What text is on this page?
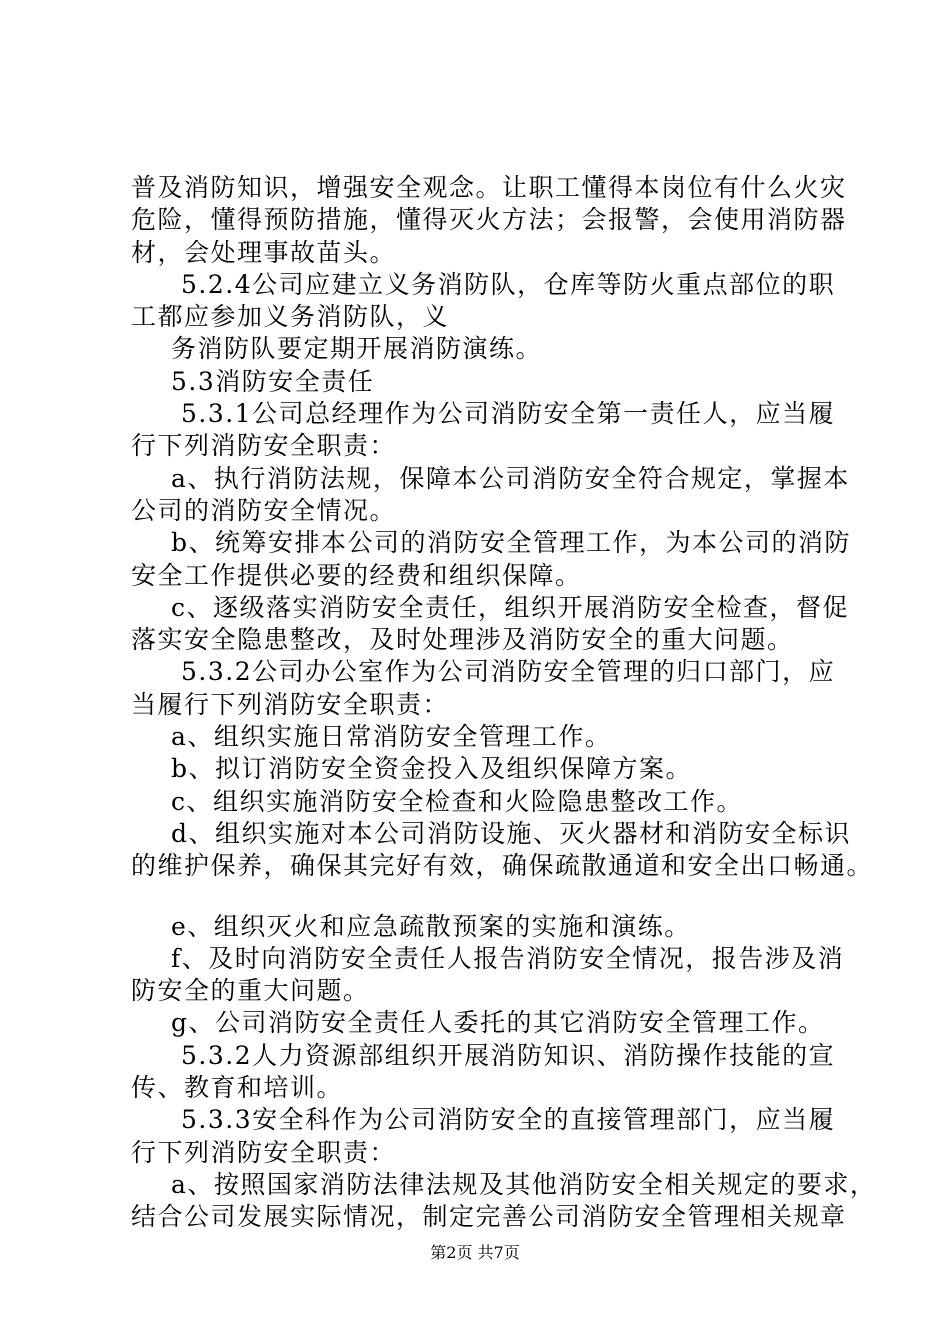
普及消防知识，增强安全观念。让职工懂得本岗位有什么火灾
危险，懂得预防措施，懂得灭火方法；会报警，会使用消防器
材，会处理事故苗头。
5.2.4公司应建立义务消防队，仓库等防火重点部位的职
工都应参加义务消防队，义
务消防队要定期开展消防演练。
5.3消防安全责任
5.3.1公司总经理作为公司消防安全第一责任人，应当履
行下列消防安全职责：
a、执行消防法规，保障本公司消防安全符合规定，掌握本
公司的消防安全情况。
b、统筹安排本公司的消防安全管理工作，为本公司的消防
安全工作提供必要的经费和组织保障。
c、逐级落实消防安全责任，组织开展消防安全检查，督促
落实安全隐患整改，及时处理涉及消防安全的重大问题。
5.3.2公司办公室作为公司消防安全管理的归口部门，应
当履行下列消防安全职责：
a、组织实施日常消防安全管理工作。
b、拟订消防安全资金投入及组织保障方案。
c、组织实施消防安全检查和火险隐患整改工作。
d、组织实施对本公司消防设施、灭火器材和消防安全标识
的维护保养，确保其完好有效，确保疏散通道和安全出口畅通。
e、组织灭火和应急疏散预案的实施和演练。
f、及时向消防安全责任人报告消防安全情况，报告涉及消
防安全的重大问题。
g、公司消防安全责任人委托的其它消防安全管理工作。
5.3.2人力资源部组织开展消防知识、消防操作技能的宣
传、教育和培训。
5.3.3安全科作为公司消防安全的直接管理部门，应当履
行下列消防安全职责：
a、按照国家消防法律法规及其他消防安全相关规定的要求，
结合公司发展实际情况，制定完善公司消防安全管理相关规章
第2页 共7页
